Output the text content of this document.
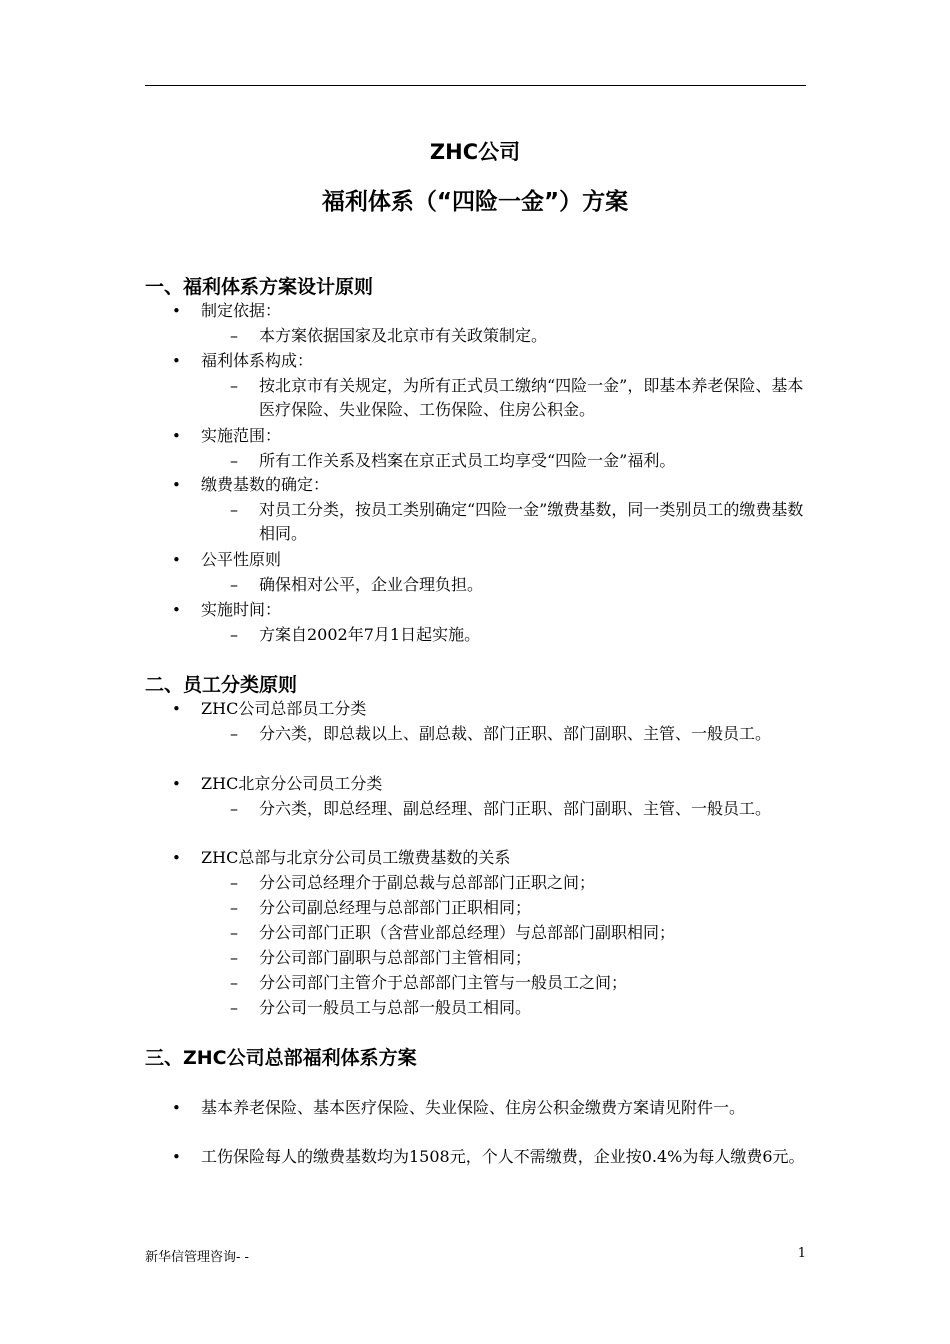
ZHC公司
福利体系（“四险一金”）方案
一、福利体系方案设计原则
• 制定依据：
– 本方案依据国家及北京市有关政策制定。
• 福利体系构成：
– 按北京市有关规定，为所有正式员工缴纳“四险一金”，即基本养老保险、基本医疗保险、失业保险、工伤保险、住房公积金。
• 实施范围：
– 所有工作关系及档案在京正式员工均享受“四险一金”福利。
• 缴费基数的确定：
– 对员工分类，按员工类别确定“四险一金”缴费基数，同一类别员工的缴费基数相同。
• 公平性原则
– 确保相对公平，企业合理负担。
• 实施时间：
– 方案自2002年7月1日起实施。
二、员工分类原则
• ZHC公司总部员工分类
– 分六类，即总裁以上、副总裁、部门正职、部门副职、主管、一般员工。
• ZHC北京分公司员工分类
– 分六类，即总经理、副总经理、部门正职、部门副职、主管、一般员工。
• ZHC总部与北京分公司员工缴费基数的关系
– 分公司总经理介于副总裁与总部部门正职之间；
– 分公司副总经理与总部部门正职相同；
– 分公司部门正职（含营业部总经理）与总部部门副职相同；
– 分公司部门副职与总部部门主管相同；
– 分公司部门主管介于总部部门主管与一般员工之间；
– 分公司一般员工与总部一般员工相同。
三、ZHC公司总部福利体系方案
• 基本养老保险、基本医疗保险、失业保险、住房公积金缴费方案请见附件一。
• 工伤保险每人的缴费基数均为1508元，个人不需缴费，企业按0.4%为每人缴费6元。
新华信管理咨询- -	1
